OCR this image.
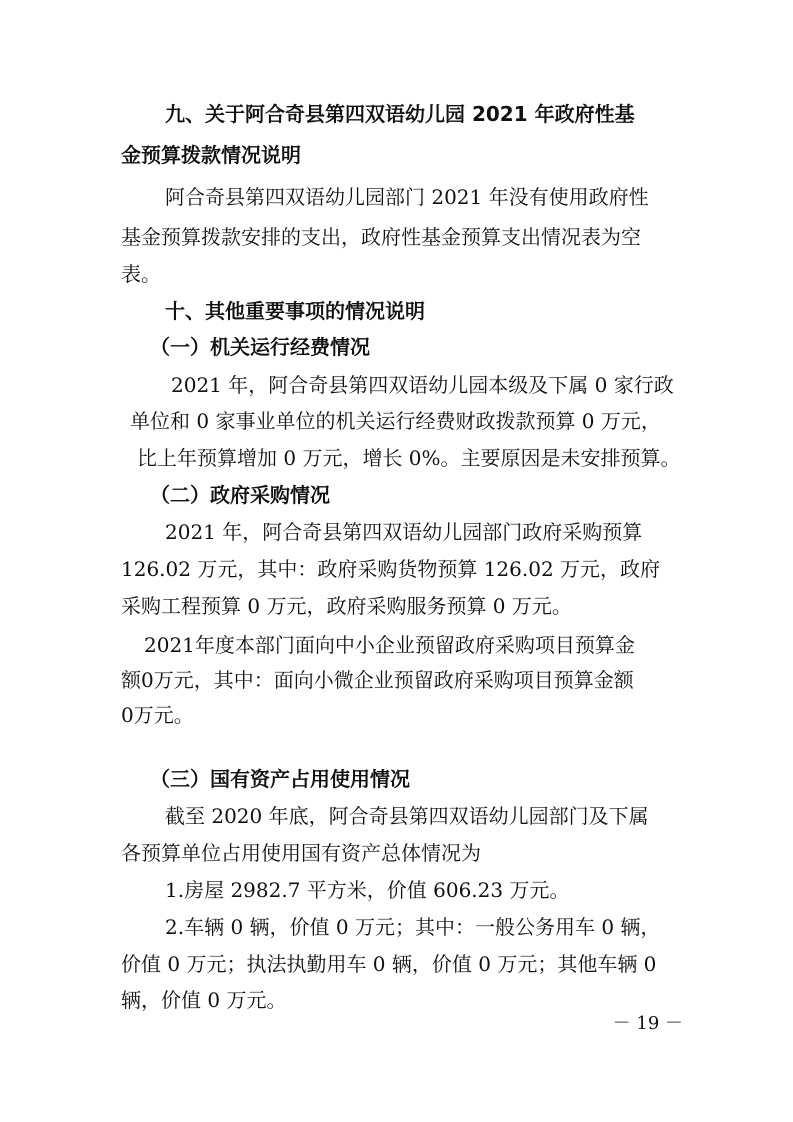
九、关于阿合奇县第四双语幼儿园 2021 年政府性基
金预算拨款情况说明
阿合奇县第四双语幼儿园部门 2021 年没有使用政府性
基金预算拨款安排的支出，政府性基金预算支出情况表为空
表。
十、其他重要事项的情况说明
（一）机关运行经费情况
2021 年，阿合奇县第四双语幼儿园本级及下属 0 家行政
单位和 0 家事业单位的机关运行经费财政拨款预算 0 万元，
比上年预算增加 0 万元，增长 0%。主要原因是未安排预算。
（二）政府采购情况
2021 年，阿合奇县第四双语幼儿园部门政府采购预算
126.02 万元，其中：政府采购货物预算 126.02 万元，政府
采购工程预算 0 万元，政府采购服务预算 0 万元。
2021年度本部门面向中小企业预留政府采购项目预算金
额0万元，其中：面向小微企业预留政府采购项目预算金额
0万元。
（三）国有资产占用使用情况
截至 2020 年底，阿合奇县第四双语幼儿园部门及下属
各预算单位占用使用国有资产总体情况为
1.房屋 2982.7 平方米，价值 606.23 万元。
2.车辆 0 辆，价值 0 万元；其中：一般公务用车 0 辆，
价值 0 万元；执法执勤用车 0 辆，价值 0 万元；其他车辆 0
辆，价值 0 万元。
－ 19 －
